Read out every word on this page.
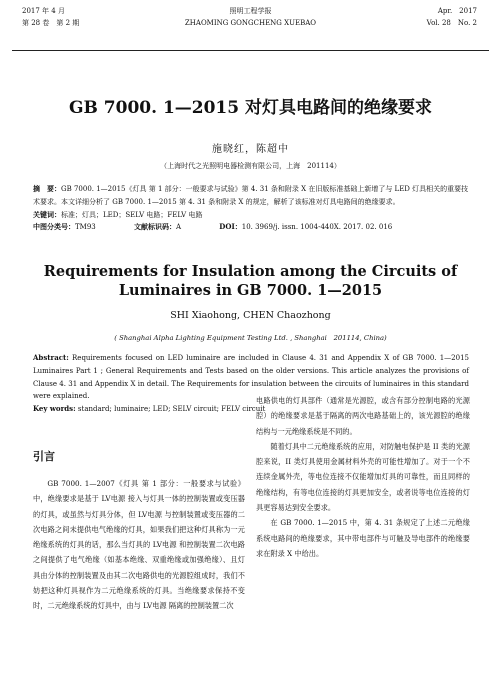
2017 年 4 月
第 28 卷　第 2 期
照明工程学报
ZHAOMING GONGCHENG XUEBAO
Apr.　2017
Vol. 28　No. 2
GB 7000. 1—2015 对灯具电路间的绝缘要求
施晓红，陈超中
（上海时代之光照明电器检测有限公司，上海　201114）
摘　要：GB 7000. 1—2015《灯具 第 1 部分：一般要求与试验》第 4. 31 条和附录 X 在旧版标准基础上新增了与 LED 灯具相关的重要技术要求。本文详细分析了 GB 7000. 1—2015 第 4. 31 条和附录 X 的规定，解析了该标准对灯具电路间的绝缘要求。
关键词：标准；灯具；LED；SELV 电路；FELV 电路
中图分类号：TM93	文献标识码：A	DOI：10. 3969/j. issn. 1004-440X. 2017. 02. 016
Requirements for Insulation among the Circuits of
Luminaires in GB 7000. 1—2015
SHI Xiaohong, CHEN Chaozhong
( Shanghai Alpha Lighting Equipment Testing Ltd. , Shanghai　201114, China)
Abstract: Requirements focused on LED luminaire are included in Clause 4. 31 and Appendix X of GB 7000. 1—2015 Luminaires Part 1 ; General Requirements and Tests based on the older versions. This article analyzes the provisions of Clause 4. 31 and Appendix X in detail. The Requirements for insulation between the circuits of luminaires in this standard were explained.
Key words: standard; luminaire; LED; SELV circuit; FELV circuit
引言
GB 7000. 1—2007《灯具 第 1 部分：一般要求与试验》中，绝缘要求是基于 LV电源 接入与灯具一体的控制装置或变压器的灯具，或虽然与灯具分体，但 LV电源 与控制装置或变压器的二次电路之间未提供电气绝缘的灯具，如果我们把这种灯具称为一元绝缘系统的灯具的话，那么当灯具的 LV电源 和控制装置二次电路之间提供了电气绝缘（如基本绝缘、双重绝缘或加强绝缘）、且灯具由分体的控制装置及由其二次电路供电的光源腔组成时，我们不妨把这种灯具视作为二元绝缘系统的灯具。当绝缘要求保持不变时，二元绝缘系统的灯具中，由与 LV电源 隔离的控制装置二次
电路供电的灯具部件（通常是光源腔，或含有部分控制电路的光源腔）的绝缘要求是基于隔离的两次电路基础上的，该光源腔的绝缘结构与一元绝缘系统是不同的。
随着灯具中二元绝缘系统的应用，对防触电保护是 II 类的光源腔来说，II 类灯具使用金属材料外壳的可能性增加了。对于一个不连续金属外壳，等电位连接不仅能增加灯具的可靠性，而且同样的绝缘结构，有等电位连接的灯具更加安全，或者说等电位连接的灯具更容易达到安全要求。
在 GB 7000. 1—2015 中，第 4. 31 条规定了上述二元绝缘系统电路间的绝缘要求，其中带电部件与可触及导电部件的绝缘要求在附录 X 中给出。
